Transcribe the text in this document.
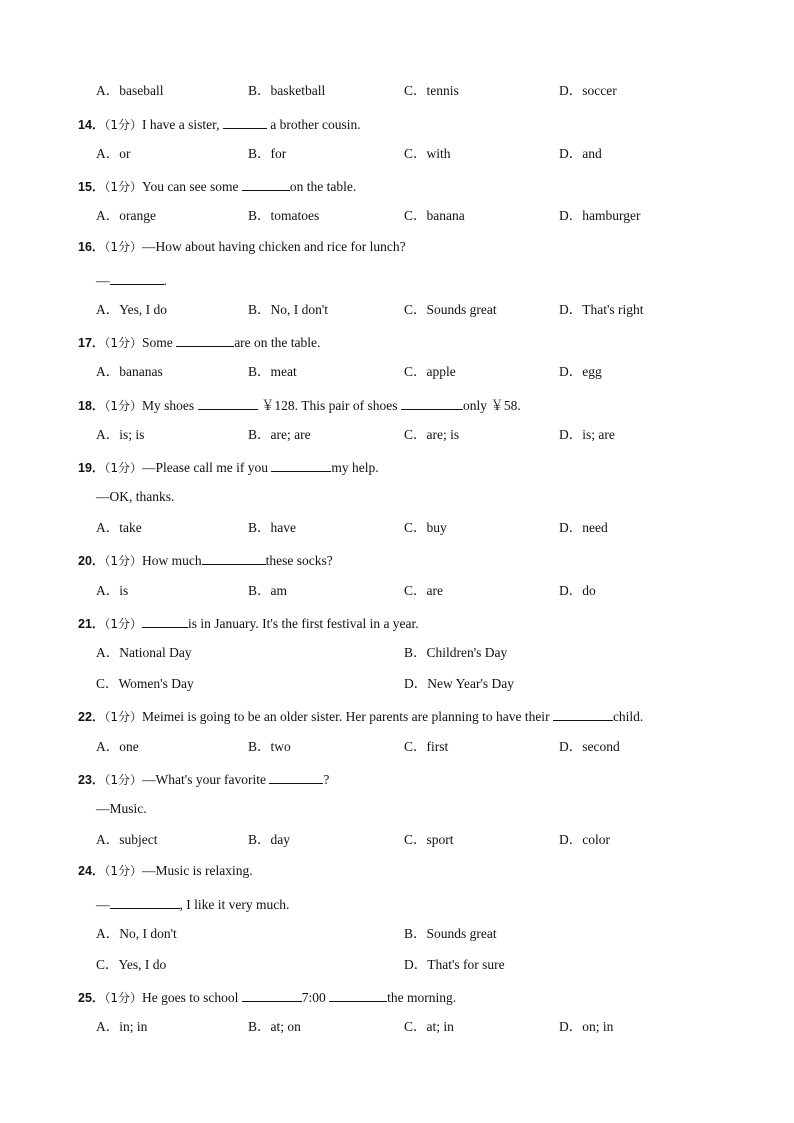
A．baseball	B．basketball	C．tennis	D．soccer
14．（1分）I have a sister,	a brother cousin.
A．or	B．for	C．with	D．and
15．（1分）You can see some	on the table.
A．orange	B．tomatoes	C．banana	D．hamburger
16．（1分）—How about having chicken and rice for lunch?
—	.
A．Yes, I do	B．No, I don't	C．Sounds great	D．That's right
17．（1分）Some	are on the table.
A．bananas	B．meat	C．apple	D．egg
18．（1分）My shoes	￥128. This pair of shoes	only ￥58.
A．is; is	B．are; are	C．are; is	D．is; are
19．（1分）—Please call me if you	my help.
—OK, thanks.
A．take	B．have	C．buy	D．need
20．（1分）How much	these socks?
A．is	B．am	C．are	D．do
21．（1分）	is in January. It's the first festival in a year.
A．National Day	B．Children's Day
C．Women's Day	D．New Year's Day
22．（1分）Meimei is going to be an older sister. Her parents are planning to have their	child.
A．one	B．two	C．first	D．second
23．（1分）—What's your favorite	?
—Music.
A．subject	B．day	C．sport	D．color
24．（1分）—Music is relaxing.
—	, I like it very much.
A．No, I don't	B．Sounds great
C．Yes, I do	D．That's for sure
25．（1分）He goes to school	7:00	the morning.
A．in; in	B．at; on	C．at; in	D．on; in
